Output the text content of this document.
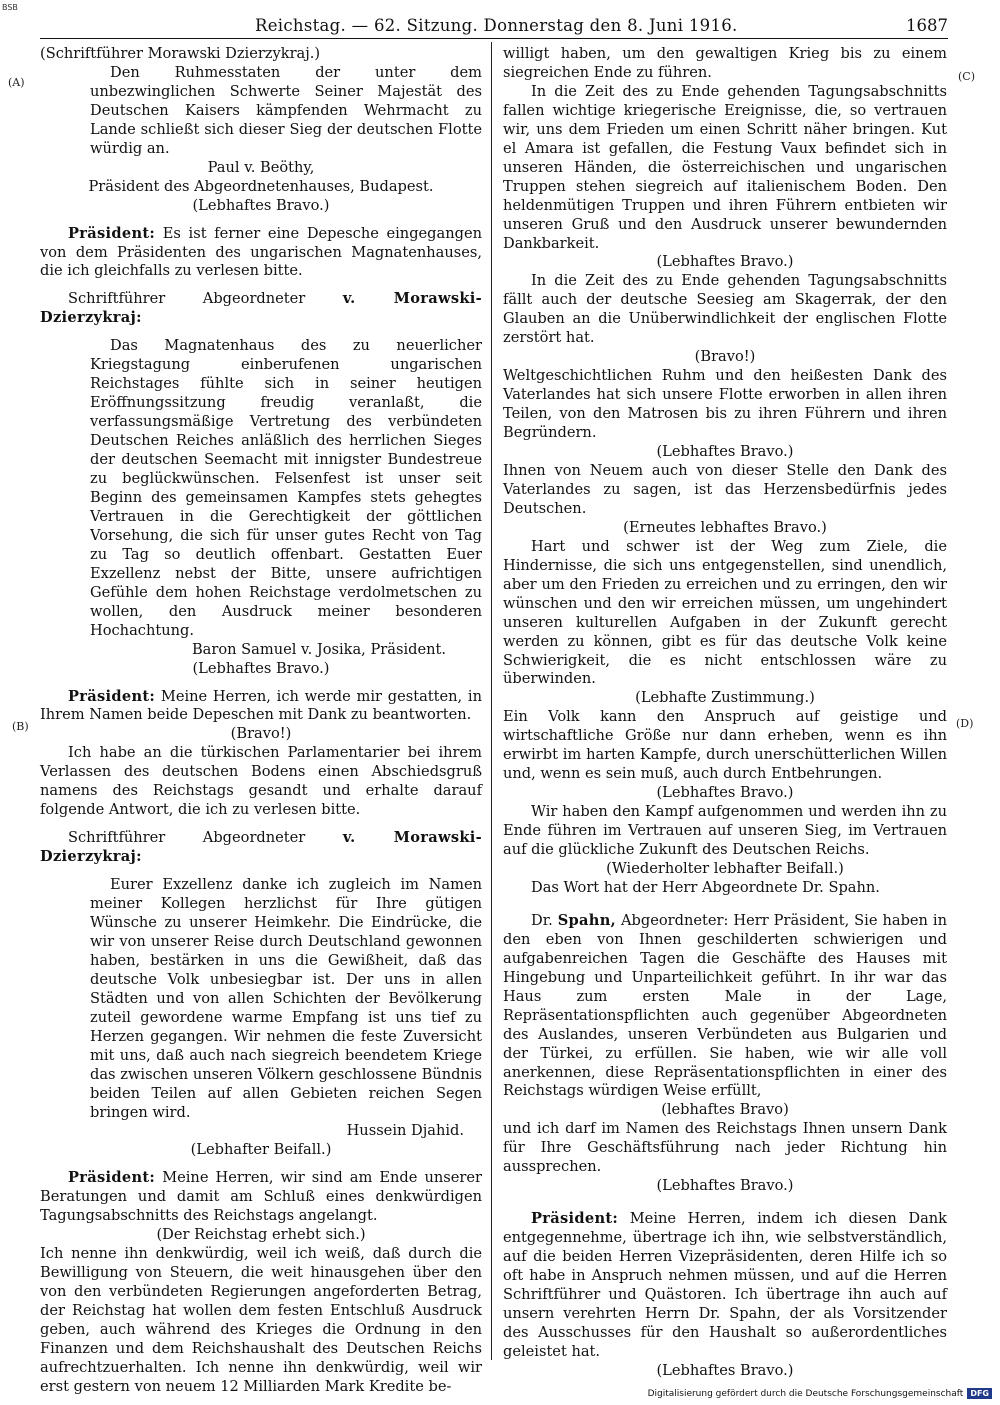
BSB
Reichstag. — 62. Sitzung. Donnerstag den 8. Juni 1916.	1687
(A)
(B)
(C)
(D)

(Schriftführer Morawski Dzierzykraj.)

Den Ruhmesstaten der unter dem unbezwinglichen Schwerte Seiner Majestät des Deutschen Kaisers kämpfenden Wehrmacht zu Lande schließt sich dieser Sieg der deutschen Flotte würdig an.

Paul v. Beöthy,

Präsident des Abgeordnetenhauses, Budapest.

(Lebhaftes Bravo.)

Präsident: Es ist ferner eine Depesche eingegangen von dem Präsidenten des ungarischen Magnatenhauses, die ich gleichfalls zu verlesen bitte.

Schriftführer Abgeordneter	v. Morawski-Dzierzykraj:

Das Magnatenhaus des zu neuerlicher Kriegstagung einberufenen ungarischen Reichstages fühlte sich in seiner heutigen Eröffnungssitzung freudig veranlaßt, die verfassungsmäßige Vertretung des verbündeten Deutschen Reiches anläßlich des herrlichen Sieges der deutschen Seemacht mit innigster Bundestreue zu beglückwünschen. Felsenfest ist unser seit Beginn des gemeinsamen Kampfes stets gehegtes Vertrauen in die Gerechtigkeit der göttlichen Vorsehung, die sich für unser gutes Recht von Tag zu Tag so deutlich offenbart. Gestatten Euer Exzellenz nebst der Bitte, unsere aufrichtigen Gefühle dem hohen Reichstage verdolmetschen zu wollen, den Ausdruck meiner besonderen Hochachtung.

Baron Samuel v. Josika, Präsident.

(Lebhaftes Bravo.)

Präsident: Meine Herren, ich werde mir gestatten, in Ihrem Namen beide Depeschen mit Dank zu beantworten.

(Bravo!)

Ich habe an die türkischen Parlamentarier bei ihrem Verlassen des deutschen Bodens einen Abschiedsgruß namens des Reichstags gesandt und erhalte darauf folgende Antwort, die ich zu verlesen bitte.

Schriftführer Abgeordneter	v. Morawski-Dzierzykraj:

Eurer Exzellenz danke ich zugleich im Namen meiner Kollegen herzlichst für Ihre gütigen Wünsche zu unserer Heimkehr. Die Eindrücke, die wir von unserer Reise durch Deutschland gewonnen haben, bestärken in uns die Gewißheit, daß das deutsche Volk unbesiegbar ist. Der uns in allen Städten und von allen Schichten der Bevölkerung zuteil gewordene warme Empfang ist uns tief zu Herzen gegangen. Wir nehmen die feste Zuversicht mit uns, daß auch nach siegreich beendetem Kriege das zwischen unseren Völkern geschlossene Bündnis beiden Teilen auf allen Gebieten reichen Segen bringen wird.

Hussein Djahid.

(Lebhafter Beifall.)

Präsident: Meine Herren, wir sind am Ende unserer Beratungen und damit am Schluß eines denkwürdigen Tagungsabschnitts des Reichstags angelangt.

(Der Reichstag erhebt sich.)

Ich nenne ihn denkwürdig, weil ich weiß, daß durch die Bewilligung von Steuern, die weit hinausgehen über den von den verbündeten Regierungen angeforderten Betrag, der Reichstag hat wollen dem festen Entschluß Ausdruck geben, auch während des Krieges die Ordnung in den Finanzen und dem Reichshaushalt des Deutschen Reichs aufrechtzuerhalten. Ich nenne ihn denkwürdig, weil wir erst gestern von neuem 12 Milliarden Mark Kredite be-

willigt haben, um den gewaltigen Krieg bis zu einem siegreichen Ende zu führen.

In die Zeit des zu Ende gehenden Tagungsabschnitts fallen wichtige kriegerische Ereignisse, die, so vertrauen wir, uns dem Frieden um einen Schritt näher bringen. Kut el Amara ist gefallen, die Festung Vaux befindet sich in unseren Händen, die österreichischen und ungarischen Truppen stehen siegreich auf italienischem Boden. Den heldenmütigen Truppen und ihren Führern entbieten wir unseren Gruß und den Ausdruck unserer bewundernden Dankbarkeit.

(Lebhaftes Bravo.)

In die Zeit des zu Ende gehenden Tagungsabschnitts fällt auch der deutsche Seesieg am Skagerrak, der den Glauben an die Unüberwindlichkeit der englischen Flotte zerstört hat.

(Bravo!)

Weltgeschichtlichen Ruhm und den heißesten Dank des Vaterlandes hat sich unsere Flotte erworben in allen ihren Teilen, von den Matrosen bis zu ihren Führern und ihren Begründern.

(Lebhaftes Bravo.)

Ihnen von Neuem auch von dieser Stelle den Dank des Vaterlandes zu sagen, ist das Herzensbedürfnis jedes Deutschen.

(Erneutes lebhaftes Bravo.)

Hart und schwer ist der Weg zum Ziele, die Hindernisse, die sich uns entgegenstellen, sind unendlich, aber um den Frieden zu erreichen und zu erringen, den wir wünschen und den wir erreichen müssen, um ungehindert unseren kulturellen Aufgaben in der Zukunft gerecht werden zu können, gibt es für das deutsche Volk keine Schwierigkeit, die es nicht entschlossen wäre zu überwinden.

(Lebhafte Zustimmung.)

Ein Volk kann den Anspruch auf geistige und wirtschaftliche Größe nur dann erheben, wenn es ihn erwirbt im harten Kampfe, durch unerschütterlichen Willen und, wenn es sein muß, auch durch Entbehrungen.

(Lebhaftes Bravo.)

Wir haben den Kampf aufgenommen und werden ihn zu Ende führen im Vertrauen auf unseren Sieg, im Vertrauen auf die glückliche Zukunft des Deutschen Reichs.

(Wiederholter lebhafter Beifall.)

Das Wort hat der Herr Abgeordnete Dr. Spahn.

Dr. Spahn, Abgeordneter: Herr Präsident, Sie haben in den eben von Ihnen geschilderten schwierigen und aufgabenreichen Tagen die Geschäfte des Hauses mit Hingebung und Unparteilichkeit geführt. In ihr war das Haus zum ersten Male in der Lage, Repräsentationspflichten auch gegenüber Abgeordneten des Auslandes, unseren Verbündeten aus Bulgarien und der Türkei, zu erfüllen. Sie haben, wie wir alle voll anerkennen, diese Repräsentationspflichten in einer des Reichstags würdigen Weise erfüllt,

(lebhaftes Bravo)

und ich darf im Namen des Reichstags Ihnen unsern Dank für Ihre Geschäftsführung nach jeder Richtung hin aussprechen.

(Lebhaftes Bravo.)

Präsident: Meine Herren, indem ich diesen Dank entgegennehme, übertrage ich ihn, wie selbstverständlich, auf die beiden Herren Vizepräsidenten, deren Hilfe ich so oft habe in Anspruch nehmen müssen, und auf die Herren Schriftführer und Quästoren. Ich übertrage ihn auch auf unsern verehrten Herrn Dr. Spahn, der als Vorsitzender des Ausschusses für den Haushalt so außerordentliches geleistet hat.

(Lebhaftes Bravo.)

Digitalisierung gefördert durch die Deutsche Forschungsgemeinschaft DFG
